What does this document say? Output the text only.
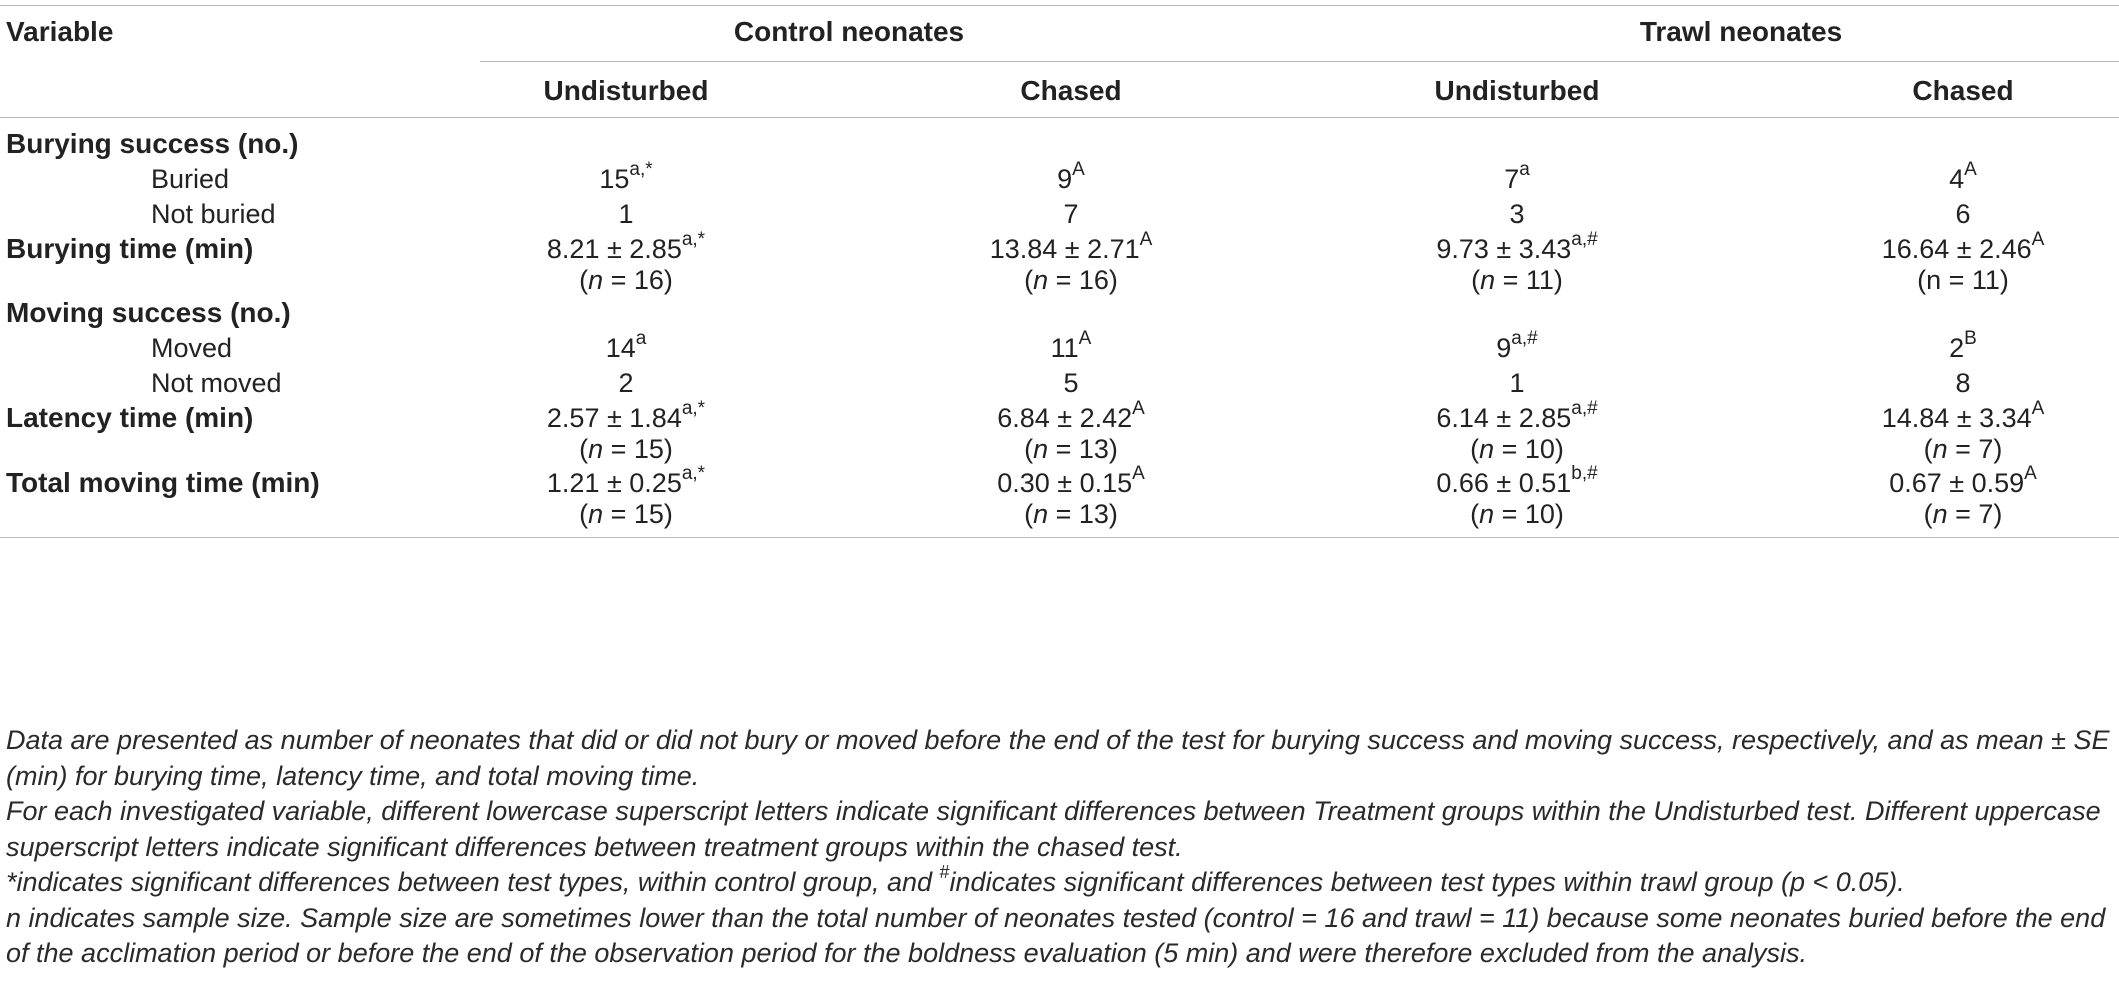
Variable	Control neonates	Trawl neonates
Undisturbed	Chased	Undisturbed	Chased
Burying success (no.)
Buried	$15^{a,*}$	$9^A$	7$^a$	$4^A$
Not buried	1	7	3	6
Burying time (min)	$8.21 \pm 2.85^{a,*}$	$13.84 \pm 2.71^A$	$9.73 \pm 3.43^{a,\#}$	$16.64 \pm 2.46^A$
(n = 16)	(n = 16)	(n = 11)	(n = 11)
Moving success (no.)
Moved	14$^a$	$11^A$	$9^{a,\#}$	$2^B$
Not moved	2	5	1	8
Latency time (min)	$2.57 \pm 1.84^{a,*}$	$6.84 \pm 2.42^A$	$6.14 \pm 2.85^{a,\#}$	$14.84 \pm 3.34^A$
(n = 15)	(n = 13)	(n = 10)	(n = 7)
Total moving time (min)	$1.21 \pm 0.25^{a,*}$	$0.30 \pm 0.15^A$	$0.66 \pm 0.51^{b,\#}$	$0.67 \pm 0.59^A$
(n = 15)	(n = 13)	(n = 10)	(n = 7)

Data are presented as number of neonates that did or did not bury or moved before the end of the test for burying success and moving success, respectively, and as mean ± SE (min) for burying time, latency time, and total moving time.

For each investigated variable, different lowercase superscript letters indicate significant differences between Treatment groups within the Undisturbed test. Different uppercase superscript letters indicate significant differences between treatment groups within the chased test.

*indicates significant differences between test types, within control group, and #indicates significant differences between test types within trawl group (p < 0.05).

n indicates sample size. Sample size are sometimes lower than the total number of neonates tested (control = 16 and trawl = 11) because some neonates buried before the end of the acclimation period or before the end of the observation period for the boldness evaluation (5 min) and were therefore excluded from the analysis.
